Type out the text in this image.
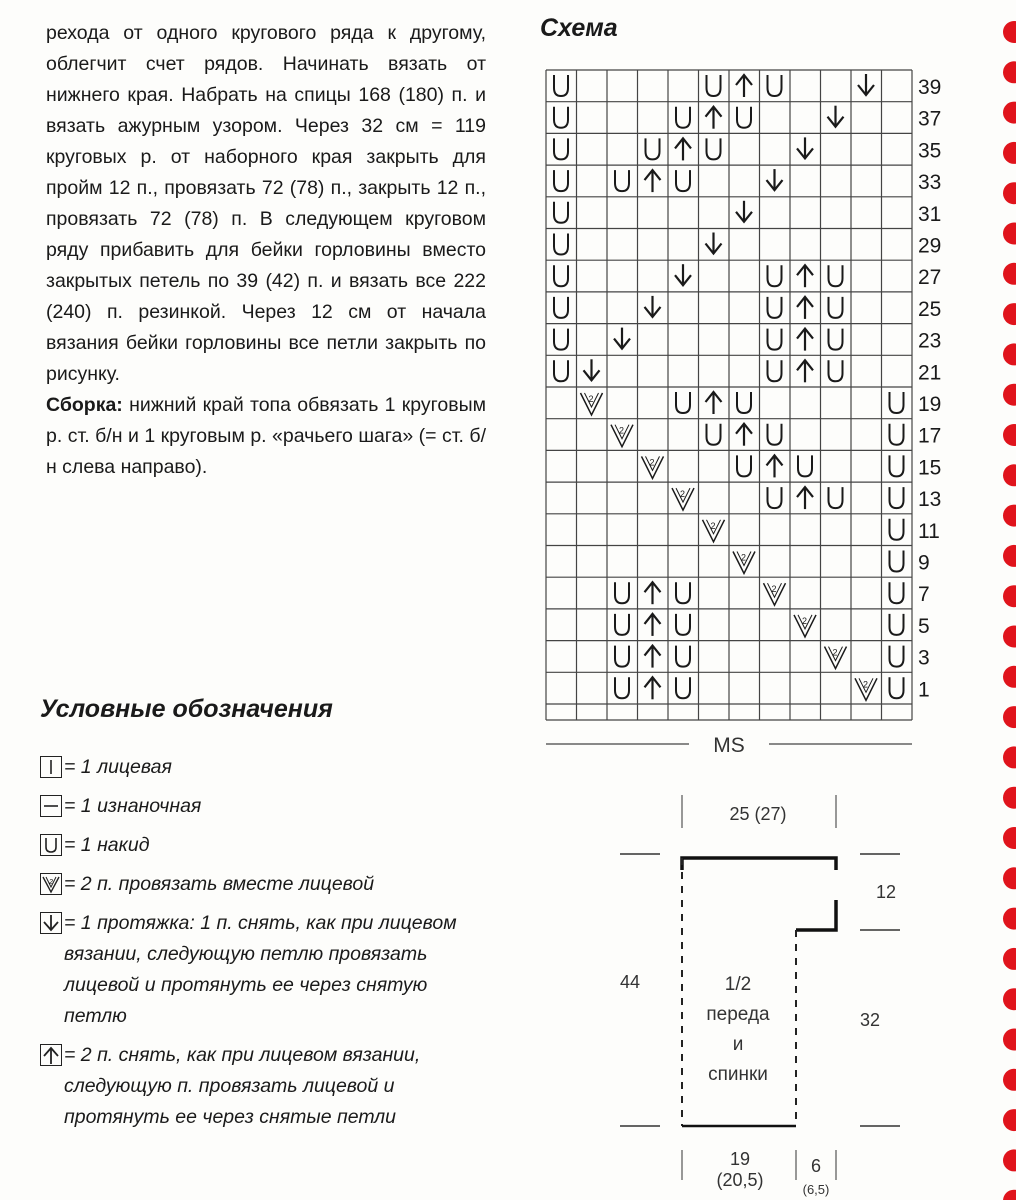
рехода от одного кругового ряда к другому, облегчит счет рядов. Начинать вязать от нижнего края. Набрать на спицы 168 (180) п. и вязать ажурным узором. Через 32 см = 119 круговых р. от наборного края закрыть для пройм 12 п., провязать 72 (78) п., закрыть 12 п., провязать 72 (78) п. В следующем круговом ряду прибавить для бейки горловины вместо закрытых петель по 39 (42) п. и вязать все 222 (240) п. резинкой. Через 12 см от начала вязания бейки горловины все петли закрыть по рисунку.

Сборка: нижний край топа обвязать 1 круговым р. ст. б/н и 1 круговым р. «рачьего шага» (= ст. б/н слева направо).

Условные обозначения
= 1 лицевая
= 1 изнаночная
= 1 накид
2 = 2 п. провязать вместе лицевой
= 1 протяжка: 1 п. снять, как при лицевом вязании, следующую петлю провязать лицевой и протянуть ее через снятую петлю
= 2 п. снять, как при лицевом вязании, следующую п. провязать лицевой и протянуть ее через снятые петли
Схема
2
2
2
2
2
2
2
2
2
2
39
37
35
33
31
29
27
25
23
21
19
17
15
13
11
9
7
5
3
1
MS
25 (27)
12
44
32
1/2
переда
и
спинки
19
(20,5)
6
(6,5)
